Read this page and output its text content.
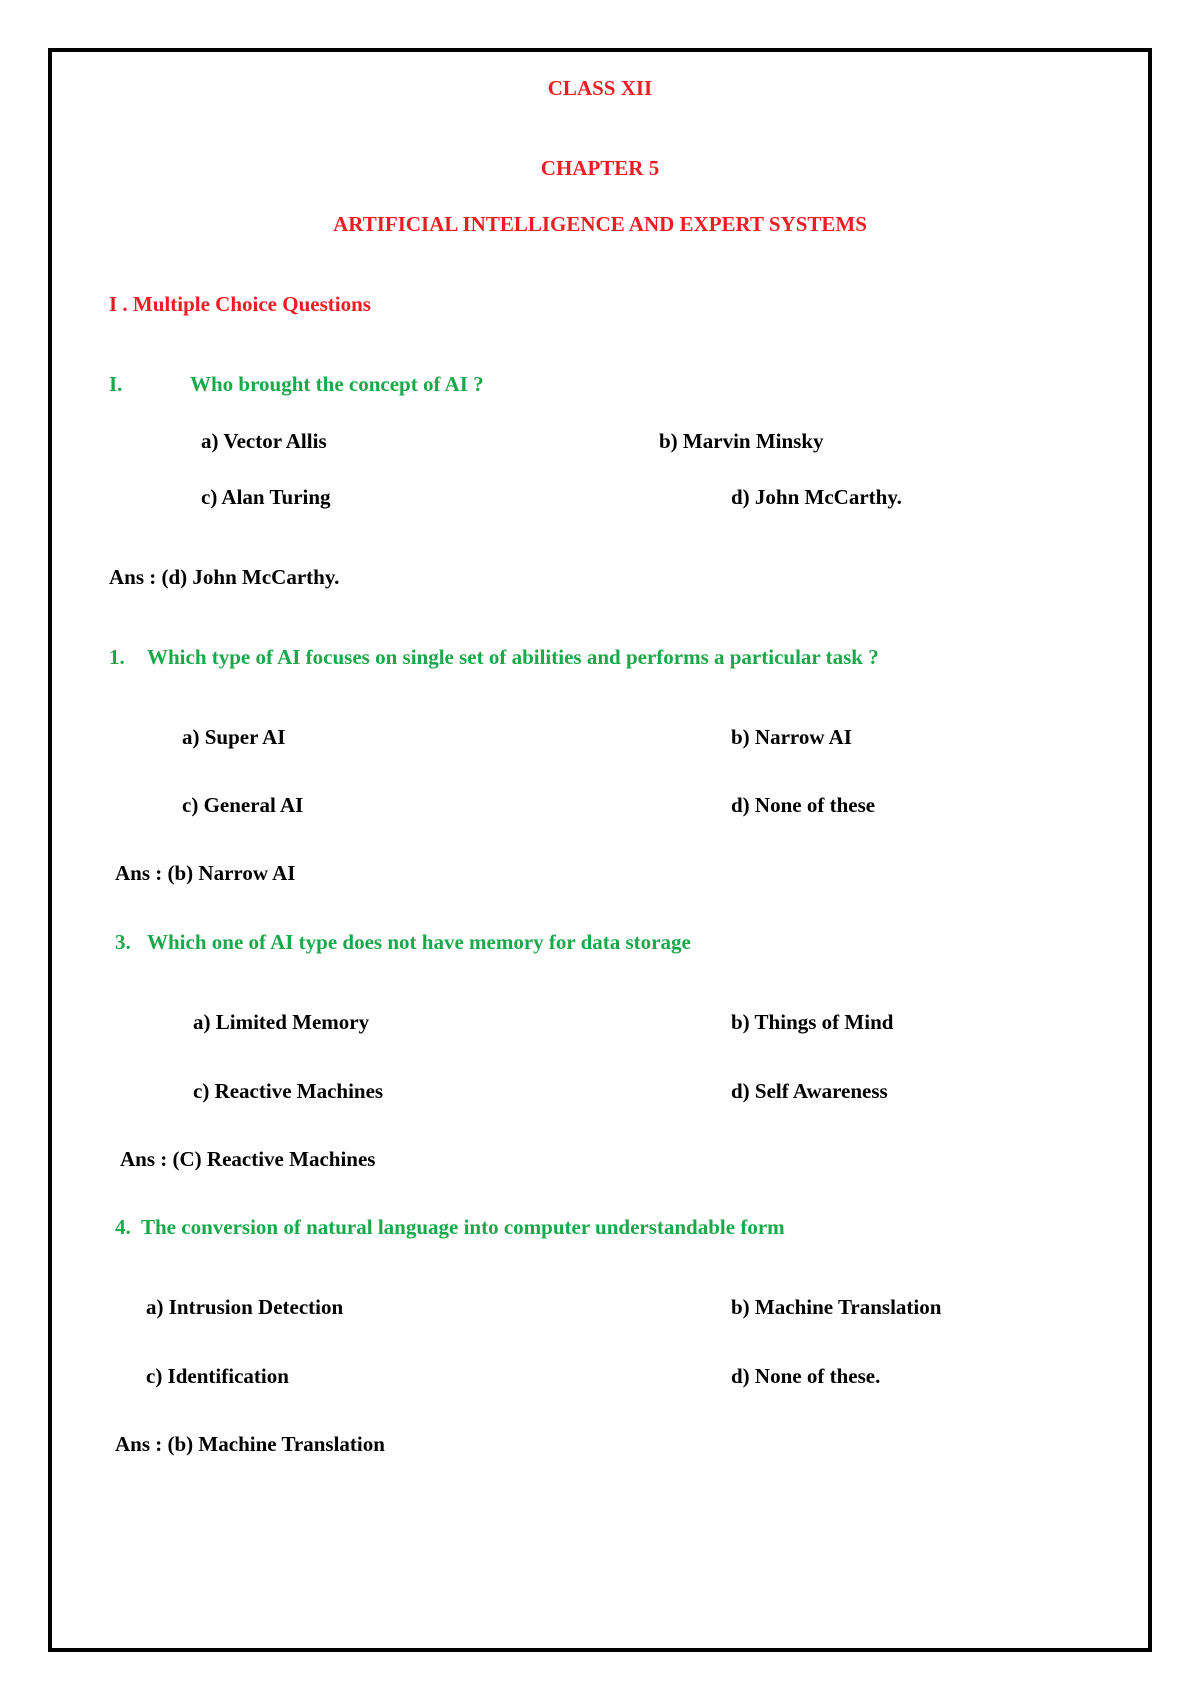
CLASS XII
CHAPTER 5
ARTIFICIAL INTELLIGENCE AND EXPERT SYSTEMS
I . Multiple Choice Questions
I.	Who brought the concept of AI ?
a) Vector Allis	b) Marvin Minsky
c) Alan Turing	d) John McCarthy.
Ans : (d) John McCarthy.
1. Which type of AI focuses on single set of abilities and performs a particular task ?
a) Super AI	b) Narrow AI
c) General AI	d) None of these
Ans : (b) Narrow AI
3. Which one of AI type does not have memory for data storage
a) Limited Memory	b) Things of Mind
c) Reactive Machines	d) Self Awareness
Ans : (C) Reactive Machines
4. The conversion of natural language into computer understandable form
a) Intrusion Detection	b) Machine Translation
c) Identification	d) None of these.
Ans : (b) Machine Translation
